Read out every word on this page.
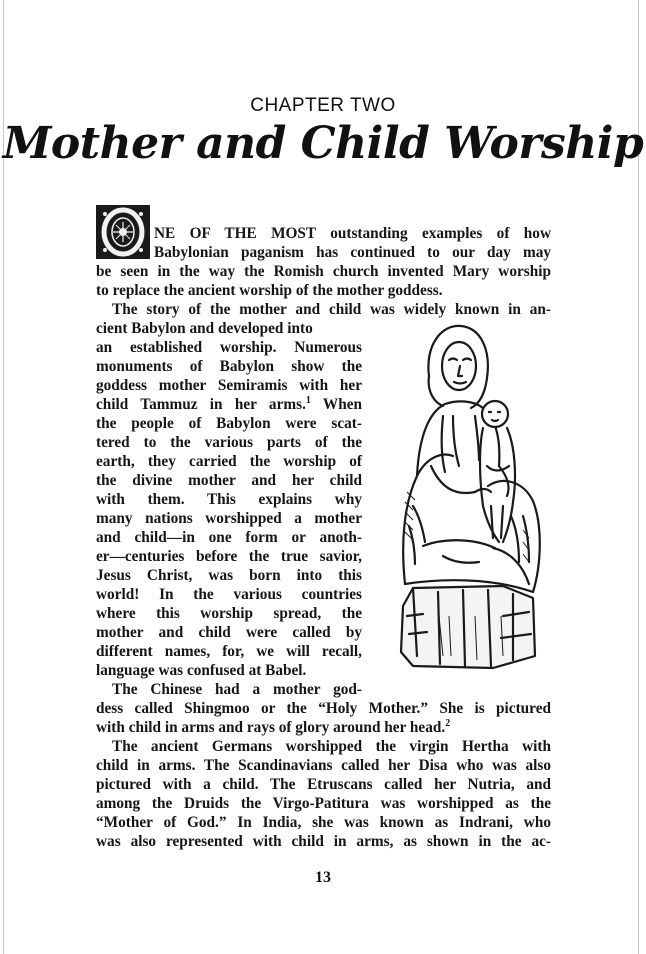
CHAPTER TWO
Mother and Child Worship
NE OF THE MOST outstanding examples of how
Babylonian paganism has continued to our day may
be seen in the way the Romish church invented Mary worship
to replace the ancient worship of the mother goddess.
The story of the mother and child was widely known in an-
cient Babylon and developed into
an established worship. Numerous
monuments of Babylon show the
goddess mother Semiramis with her
child Tammuz in her arms.$^1$ When
the people of Babylon were scat-
tered to the various parts of the
earth, they carried the worship of
the divine mother and her child
with them. This explains why
many nations worshipped a mother
and child—in one form or anoth-
er—centuries before the true savior,
Jesus Christ, was born into this
world! In the various countries
where this worship spread, the
mother and child were called by
different names, for, we will recall,
language was confused at Babel.
The Chinese had a mother god-
dess called Shingmoo or the “Holy Mother.” She is pictured
with child in arms and rays of glory around her head.$^2$
The ancient Germans worshipped the virgin Hertha with
child in arms. The Scandinavians called her Disa who was also
pictured with a child. The Etruscans called her Nutria, and
among the Druids the Virgo-Patitura was worshipped as the
“Mother of God.” In India, she was known as Indrani, who
was also represented with child in arms, as shown in the ac-
13
